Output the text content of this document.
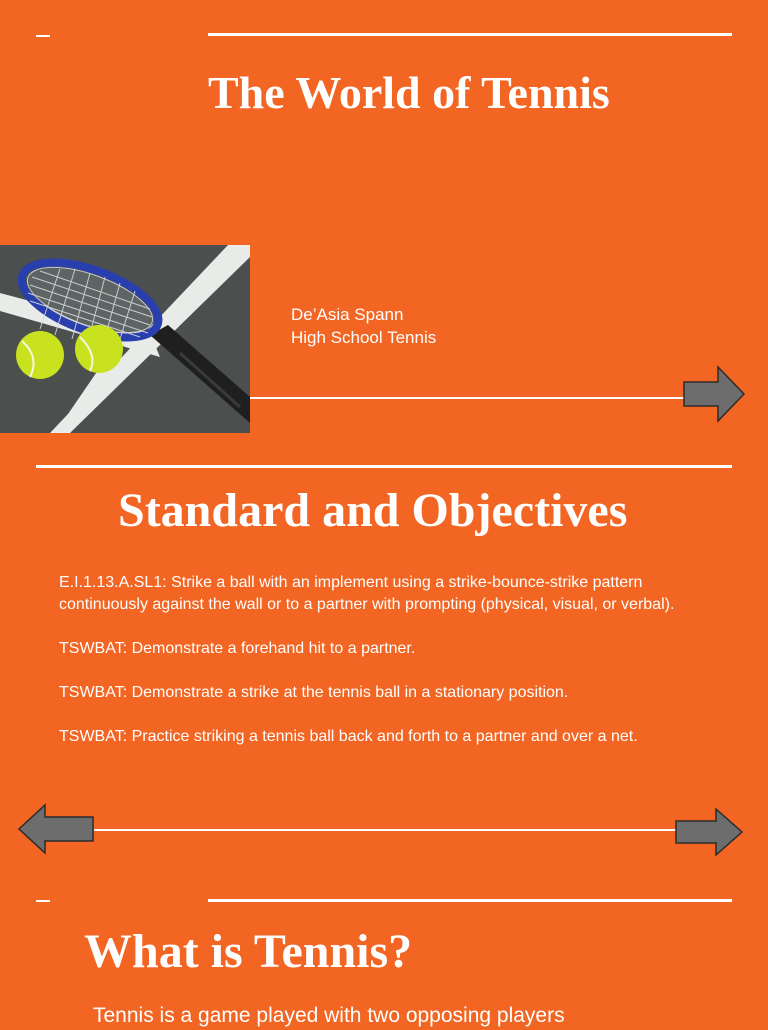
The World of Tennis
De’Asia Spann
High School Tennis
Standard and Objectives

E.I.1.13.A.SL1: Strike a ball with an implement using a strike-bounce-strike pattern continuously against the wall or to a partner with prompting (physical, visual, or verbal).

TSWBAT: Demonstrate a forehand hit to a partner.

TSWBAT: Demonstrate a strike at the tennis ball in a stationary position.

TSWBAT: Practice striking a tennis ball back and forth to a partner and over a net.

What is Tennis?
Tennis is a game played with two opposing players
